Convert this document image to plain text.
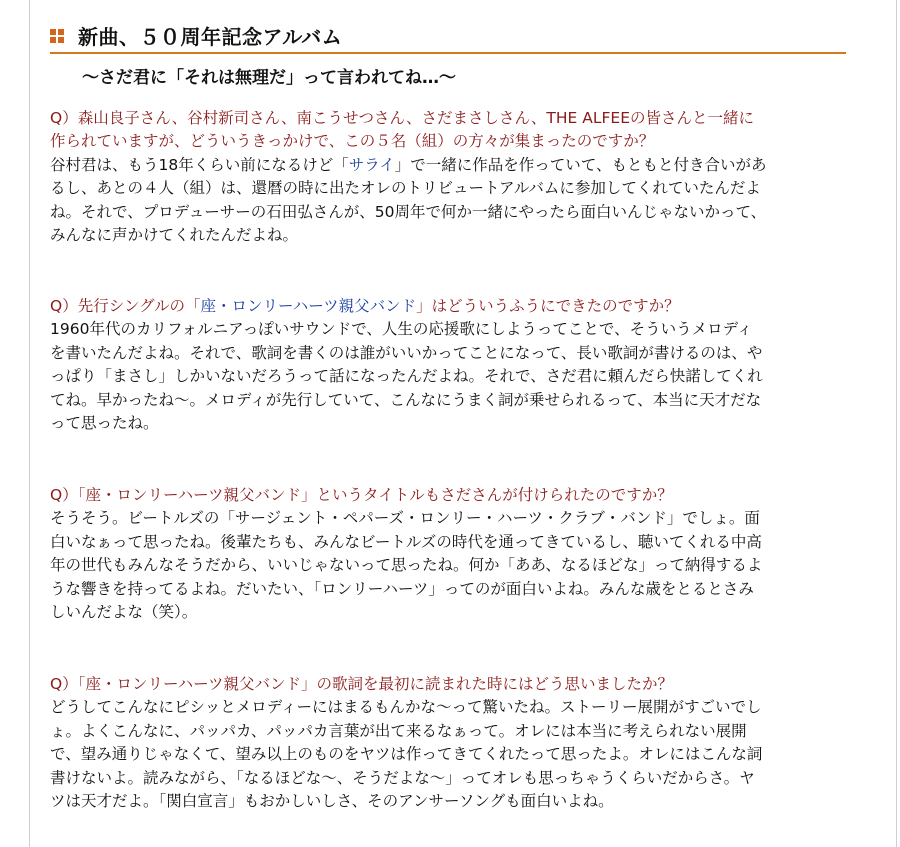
新曲、５０周年記念アルバム
〜さだ君に「それは無理だ」って言われてね…〜
Q）森山良子さん、谷村新司さん、南こうせつさん、さだまさしさん、THE ALFEEの皆さんと一緒に
作られていますが、どういうきっかけで、この５名（組）の方々が集まったのですか？
谷村君は、もう18年くらい前になるけど「サライ」で一緒に作品を作っていて、もともと付き合いがあ
るし、あとの４人（組）は、還暦の時に出たオレのトリビュートアルバムに参加してくれていたんだよ
ね。それで、プロデューサーの石田弘さんが、50周年で何か一緒にやったら面白いんじゃないかって、
みんなに声かけてくれたんだよね。
Q）先行シングルの「座・ロンリーハーツ親父バンド」はどういうふうにできたのですか？
1960年代のカリフォルニアっぽいサウンドで、人生の応援歌にしようってことで、そういうメロディ
を書いたんだよね。それで、歌詞を書くのは誰がいいかってことになって、長い歌詞が書けるのは、や
っぱり「まさし」しかいないだろうって話になったんだよね。それで、さだ君に頼んだら快諾してくれ
てね。早かったね〜。メロディが先行していて、こんなにうまく詞が乗せられるって、本当に天才だな
って思ったね。
Q）「座・ロンリーハーツ親父バンド」というタイトルもさださんが付けられたのですか？
そうそう。ビートルズの「サージェント・ペパーズ・ロンリー・ハーツ・クラブ・バンド」でしょ。面
白いなぁって思ったね。後輩たちも、みんなビートルズの時代を通ってきているし、聴いてくれる中高
年の世代もみんなそうだから、いいじゃないって思ったね。何か「ああ、なるほどな」って納得するよ
うな響きを持ってるよね。だいたい、「ロンリーハーツ」ってのが面白いよね。みんな歳をとるとさみ
しいんだよな（笑）。
Q）「座・ロンリーハーツ親父バンド」の歌詞を最初に読まれた時にはどう思いましたか？
どうしてこんなにピシッとメロディーにはまるもんかな〜って驚いたね。ストーリー展開がすごいでし
ょ。よくこんなに、パッパカ、パッパカ言葉が出て来るなぁって。オレには本当に考えられない展開
で、望み通りじゃなくて、望み以上のものをヤツは作ってきてくれたって思ったよ。オレにはこんな詞
書けないよ。読みながら、「なるほどな〜、そうだよな〜」ってオレも思っちゃうくらいだからさ。ヤ
ツは天才だよ。「関白宣言」もおかしいしさ、そのアンサーソングも面白いよね。
